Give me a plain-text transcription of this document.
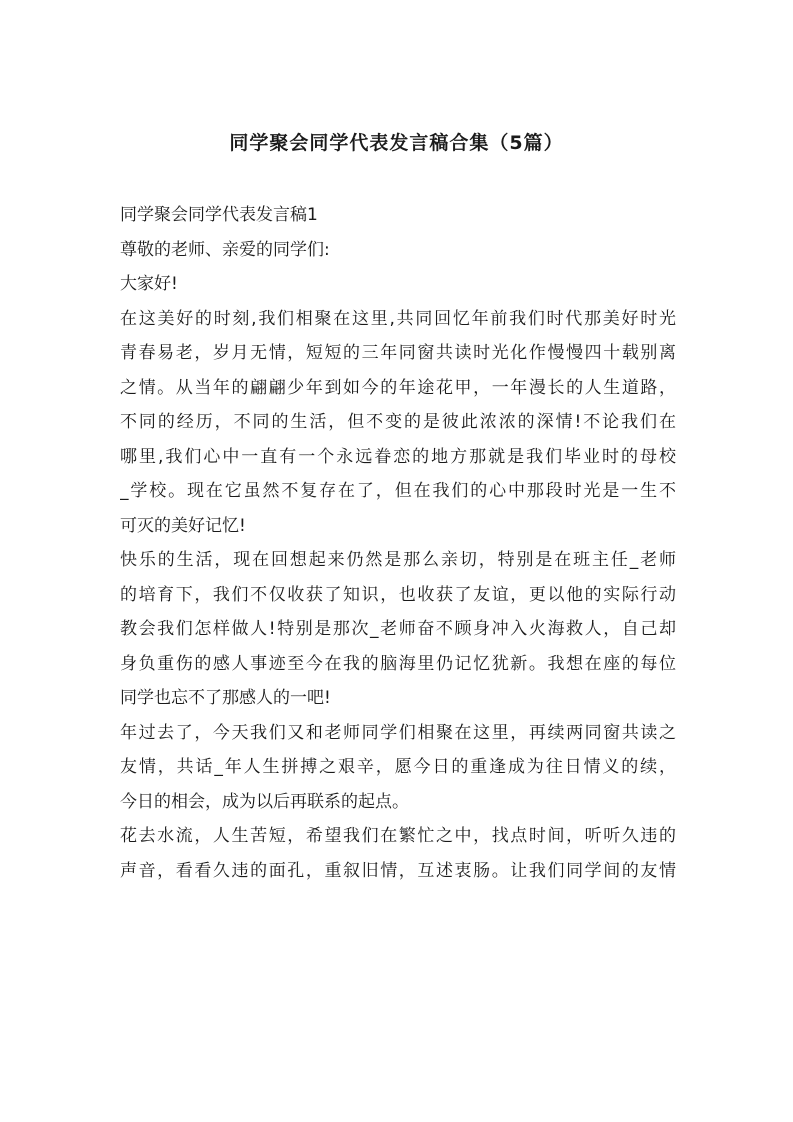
同学聚会同学代表发言稿合集（5篇）

同学聚会同学代表发言稿1

尊敬的老师、亲爱的同学们:

大家好!

在这美好的时刻,我们相聚在这里,共同回忆年前我们时代那美好时光
青春易老，岁月无情，短短的三年同窗共读时光化作慢慢四十载别离
之情。从当年的翩翩少年到如今的年途花甲，一年漫长的人生道路，
不同的经历，不同的生活，但不变的是彼此浓浓的深情!不论我们在
哪里,我们心中一直有一个永远眷恋的地方那就是我们毕业时的母校
_学校。现在它虽然不复存在了，但在我们的心中那段时光是一生不
可灭的美好记忆!

快乐的生活，现在回想起来仍然是那么亲切，特别是在班主任_老师
的培育下，我们不仅收获了知识，也收获了友谊，更以他的实际行动
教会我们怎样做人!特别是那次_老师奋不顾身冲入火海救人，自己却
身负重伤的感人事迹至今在我的脑海里仍记忆犹新。我想在座的每位
同学也忘不了那感人的一吧!

年过去了，今天我们又和老师同学们相聚在这里，再续两同窗共读之
友情，共话_年人生拼搏之艰辛，愿今日的重逢成为往日情义的续，
今日的相会，成为以后再联系的起点。

花去水流，人生苦短，希望我们在繁忙之中，找点时间，听听久违的
声音，看看久违的面孔，重叙旧情，互述衷肠。让我们同学间的友情
